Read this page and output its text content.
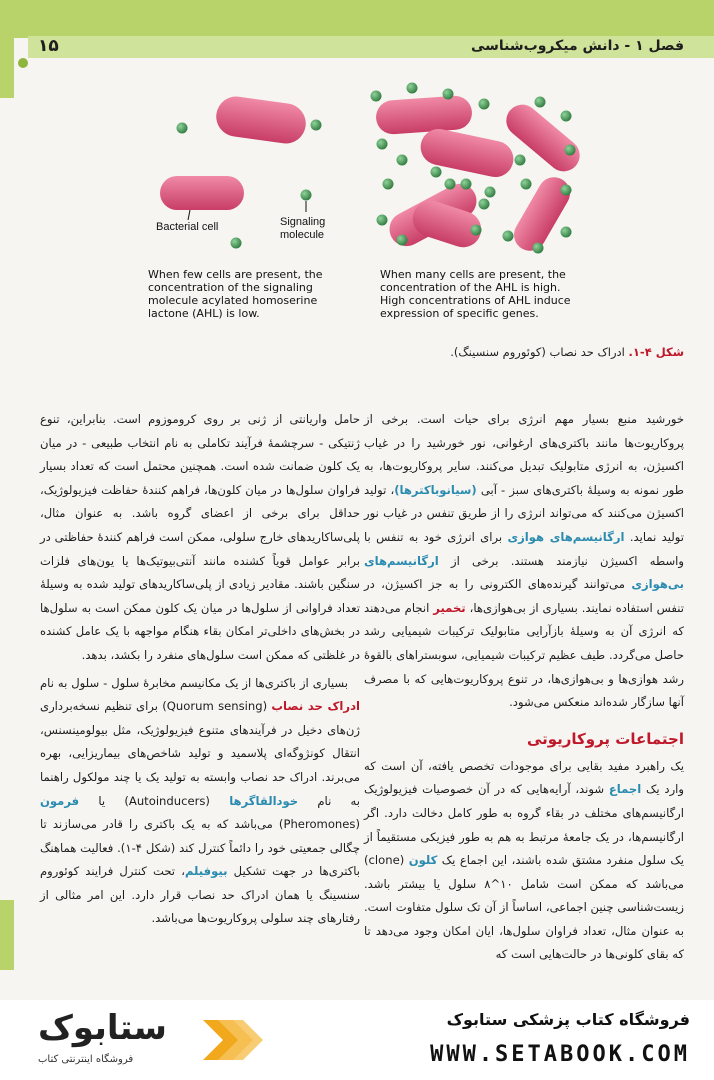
۱۵	فصل ۱ - دانش میکروب‌شناسی
Bacterial cell	Signaling
molecule
When few cells are present, the
concentration of the signaling
molecule acylated homoserine
lactone (AHL) is low.
When many cells are present, the
concentration of the AHL is high.
High concentrations of AHL induce
expression of specific genes.
شکل ۴-۱. ادراک حد نصاب (کوئوروم سنسینگ).

خورشید منبع بسیار مهم انرژی برای حیات است. برخی از پروکاریوت‌ها مانند باکتری‌های ارغوانی، نور خورشید را در غیاب اکسیژن، به انرژی متابولیک تبدیل می‌کنند. سایر پروکاریوت‌ها، به طور نمونه به وسیلهٔ باکتری‌های سبز - آبی (سیانوباکترها)، تولید اکسیژن می‌کنند که می‌تواند انرژی را از طریق تنفس در غیاب نور تولید نماید. ارگانیسم‌های هوازی برای انرژی خود به تنفس با واسطه اکسیژن نیازمند هستند. برخی از ارگانیسم‌های بی‌هوازی می‌توانند گیرنده‌های الکترونی را به جز اکسیژن، در تنفس استفاده نمایند. بسیاری از بی‌هوازی‌ها، تخمیر انجام می‌دهند که انرژی آن به وسیلهٔ بازآرایی متابولیک ترکیبات شیمیایی رشد حاصل می‌گردد. طیف عظیم ترکیبات شیمیایی، سوبستراهای بالقوهٔ رشد هوازی‌ها و بی‌هوازی‌ها، در تنوع پروکاریوت‌هایی که با مصرف آنها سازگار شده‌اند منعکس می‌شود.

اجتماعات پروکاریوتی

یک راهبرد مفید بقایی برای موجودات تخصص یافته، آن است که وارد یک اجماع شوند، آرایه‌هایی که در آن خصوصیات فیزیولوژیک ارگانیسم‌های مختلف در بقاء گروه به طور کامل دخالت دارد. اگر ارگانیسم‌ها، در یک جامعهٔ مرتبط به هم به طور فیزیکی مستقیماً از یک سلول منفرد مشتق شده باشند، این اجماع یک کلون (clone) می‌باشد که ممکن است شامل ۱۰^۸ سلول یا بیشتر باشد. زیست‌شناسی چنین اجماعی، اساساً از آن تک سلول متفاوت است. به عنوان مثال، تعداد فراوان سلول‌ها، ایان امکان وجود می‌دهد تا که بقای کلونی‌ها در حالت‌هایی است که

حامل واریانتی از ژنی بر روی کروموزوم است. بنابراین، تنوع ژنتیکی - سرچشمهٔ فرآیند تکاملی به نام انتخاب طبیعی - در میان یک کلون ضمانت شده است. همچنین محتمل است که تعداد بسیار فراوان سلول‌ها در میان کلون‌ها، فراهم کنندهٔ حفاظت فیزیولوژیک، حداقل برای برخی از اعضای گروه باشد. به عنوان مثال، پلی‌ساکاریدهای خارج سلولی، ممکن است فراهم کنندهٔ حفاظتی در برابر عوامل قویاً کشنده مانند آنتی‌بیوتیک‌ها یا یون‌های فلزات سنگین باشند. مقادیر زیادی از پلی‌ساکاریدهای تولید شده به وسیلهٔ تعداد فراوانی از سلول‌ها در میان یک کلون ممکن است به سلول‌ها در بخش‌های داخلی‌تر امکان بقاء هنگام مواجهه با یک عامل کشنده در غلظتی که ممکن است سلول‌های منفرد را بکشد، بدهد.

بسیاری از باکتری‌ها از یک مکانیسم مخابرهٔ سلول - سلول به نام ادراک حد نصاب (Quorum sensing) برای تنظیم نسخه‌برداری ژن‌های دخیل در فرآیندهای متنوع فیزیولوژیک، مثل بیولومینسنس، انتقال کونژوگه‌ای پلاسمید و تولید شاخص‌های بیماریزایی، بهره می‌برند. ادراک حد نصاب وابسته به تولید یک یا چند مولکول راهنما به نام خودالقاگرها (Autoinducers) یا فرمون (Pheromones) می‌باشد که به یک باکتری را قادر می‌سازند تا چگالی جمعیتی خود را دائماً کنترل کند (شکل ۴-۱). فعالیت هماهنگ باکتری‌ها در جهت تشکیل بیوفیلم، تحت کنترل فرایند کوئوروم سنسینگ یا همان ادراک حد نصاب قرار دارد. این امر مثالی از رفتارهای چند سلولی پروکاریوت‌ها می‌باشد.

ستابوک
فروشگاه اینترنتی کتاب
فروشگاه کتاب پزشکی ستابوک
WWW.SETABOOK.COM
